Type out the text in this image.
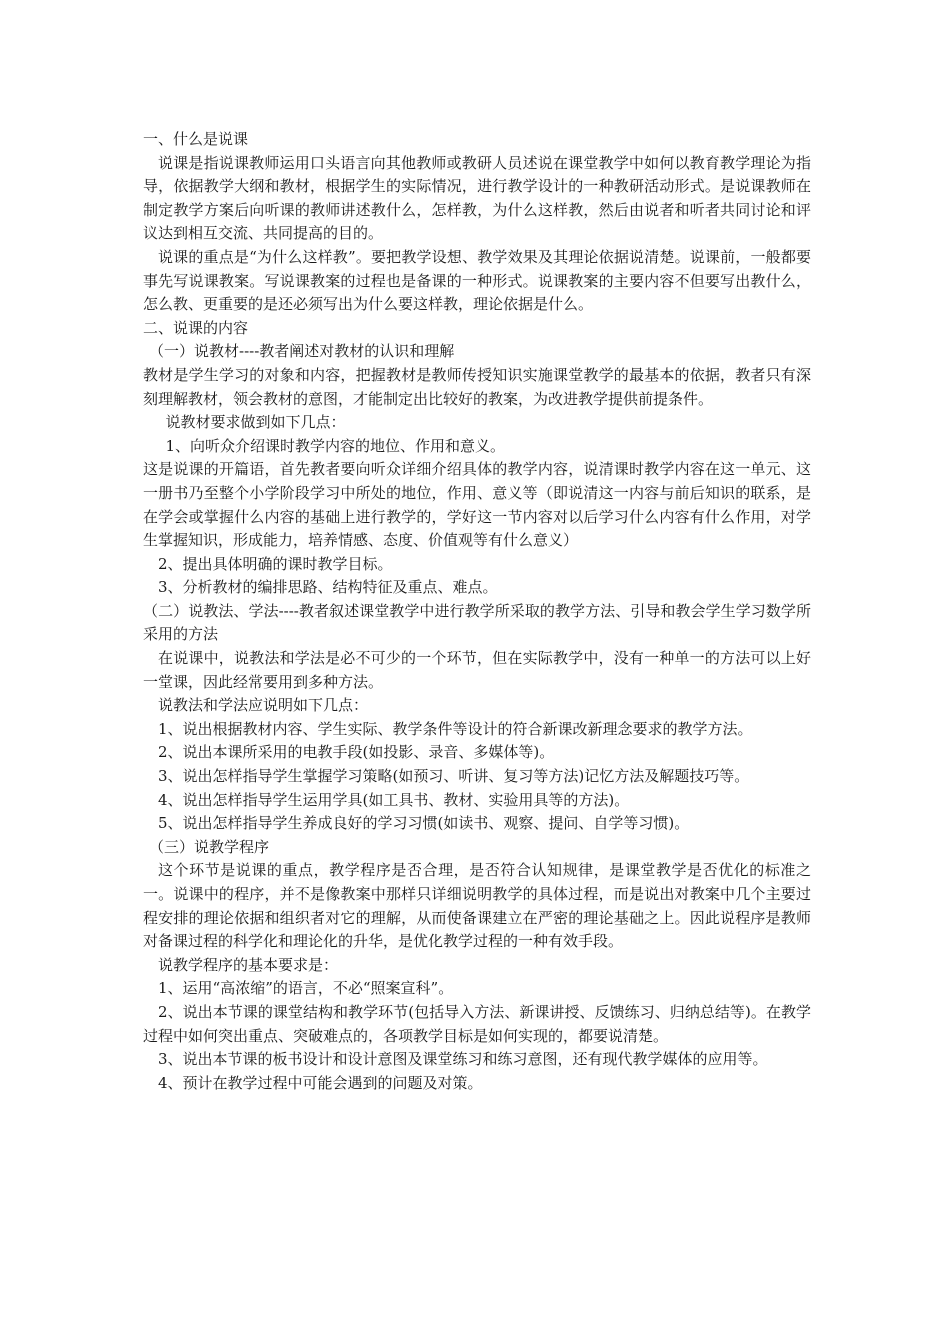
一、什么是说课

说课是指说课教师运用口头语言向其他教师或教研人员述说在课堂教学中如何以教育教学理论为指导，依据教学大纲和教材，根据学生的实际情况，进行教学设计的一种教研活动形式。是说课教师在制定教学方案后向听课的教师讲述教什么，怎样教，为什么这样教，然后由说者和听者共同讨论和评议达到相互交流、共同提高的目的。

说课的重点是“为什么这样教”。要把教学设想、教学效果及其理论依据说清楚。说课前，一般都要事先写说课教案。写说课教案的过程也是备课的一种形式。说课教案的主要内容不但要写出教什么， 怎么教、更重要的是还必须写出为什么要这样教，理论依据是什么。

二、说课的内容

（一）说教材----教者阐述对教材的认识和理解

教材是学生学习的对象和内容，把握教材是教师传授知识实施课堂教学的最基本的依据，教者只有深刻理解教材，领会教材的意图，才能制定出比较好的教案，为改进教学提供前提条件。

说教材要求做到如下几点：

1、向听众介绍课时教学内容的地位、作用和意义。

这是说课的开篇语，首先教者要向听众详细介绍具体的教学内容，说清课时教学内容在这一单元、这一册书乃至整个小学阶段学习中所处的地位，作用、意义等（即说清这一内容与前后知识的联系，是在学会或掌握什么内容的基础上进行教学的，学好这一节内容对以后学习什么内容有什么作用，对学生掌握知识，形成能力，培养情感、态度、价值观等有什么意义）

2、提出具体明确的课时教学目标。

3、分析教材的编排思路、结构特征及重点、难点。

（二）说教法、学法----教者叙述课堂教学中进行教学所采取的教学方法、引导和教会学生学习数学所采用的方法

在说课中，说教法和学法是必不可少的一个环节，但在实际教学中，没有一种单一的方法可以上好一堂课，因此经常要用到多种方法。

说教法和学法应说明如下几点：

1、说出根据教材内容、学生实际、教学条件等设计的符合新课改新理念要求的教学方法。

2、说出本课所采用的电教手段(如投影、录音、多媒体等)。

3、说出怎样指导学生掌握学习策略(如预习、听讲、复习等方法)记忆方法及解题技巧等。

4、说出怎样指导学生运用学具(如工具书、教材、实验用具等的方法)。

5、说出怎样指导学生养成良好的学习习惯(如读书、观察、提问、自学等习惯)。

（三）说教学程序

这个环节是说课的重点，教学程序是否合理，是否符合认知规律，是课堂教学是否优化的标准之一。说课中的程序，并不是像教案中那样只详细说明教学的具体过程，而是说出对教案中几个主要过程安排的理论依据和组织者对它的理解，从而使备课建立在严密的理论基础之上。因此说程序是教师对备课过程的科学化和理论化的升华，是优化教学过程的一种有效手段。

说教学程序的基本要求是：

1、运用“高浓缩”的语言，不必“照案宣科”。

2、说出本节课的课堂结构和教学环节(包括导入方法、新课讲授、反馈练习、归纳总结等)。在教学过程中如何突出重点、突破难点的，各项教学目标是如何实现的，都要说清楚。

3、说出本节课的板书设计和设计意图及课堂练习和练习意图，还有现代教学媒体的应用等。

4、预计在教学过程中可能会遇到的问题及对策。
